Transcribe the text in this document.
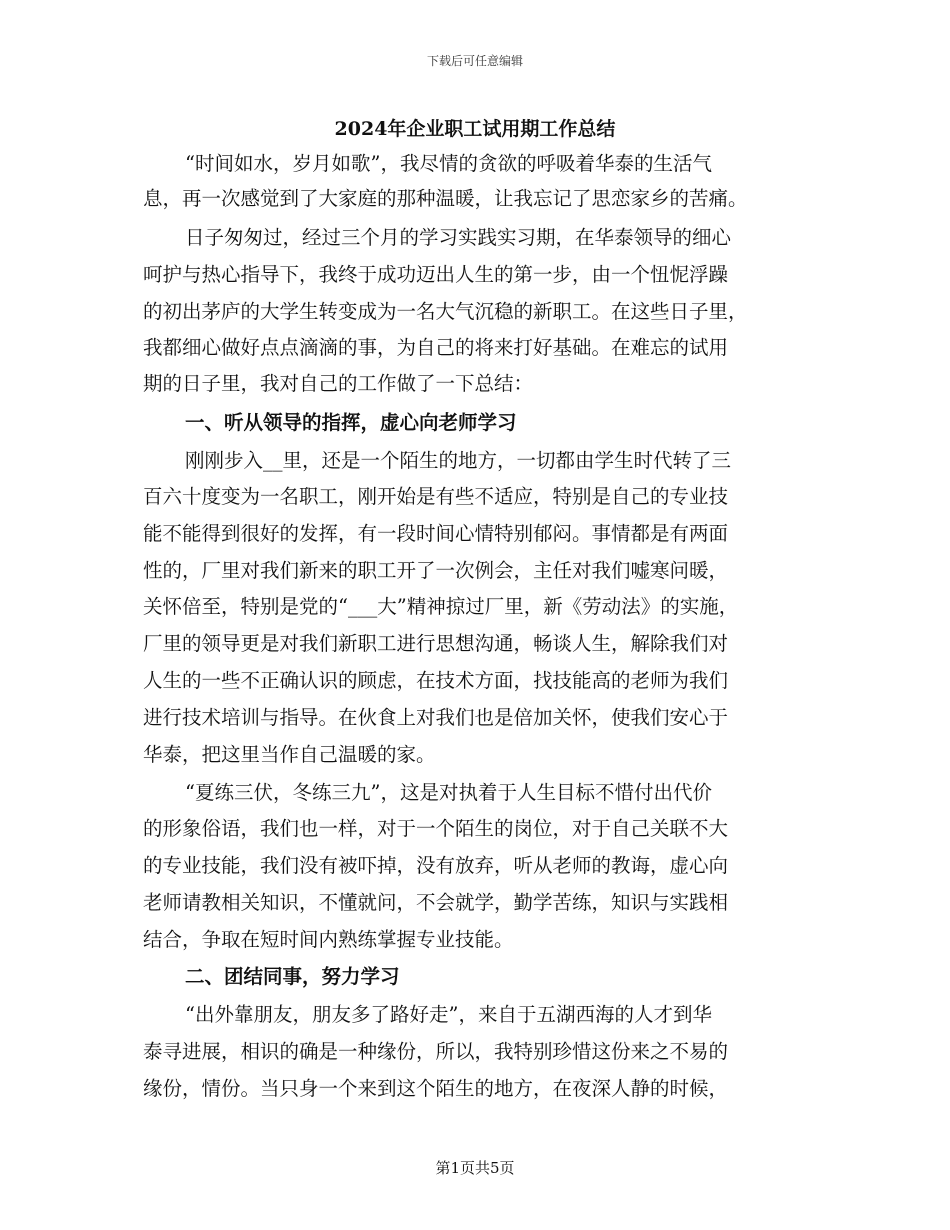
下载后可任意编辑
2024年企业职工试用期工作总结

“时间如水，岁月如歌”，我尽情的贪欲的呼吸着华泰的生活气

息，再一次感觉到了大家庭的那种温暖，让我忘记了思恋家乡的苦痛。

日子匆匆过，经过三个月的学习实践实习期，在华泰领导的细心

呵护与热心指导下，我终于成功迈出人生的第一步，由一个忸怩浮躁

的初出茅庐的大学生转变成为一名大气沉稳的新职工。在这些日子里，

我都细心做好点点滴滴的事，为自己的将来打好基础。在难忘的试用

期的日子里，我对自己的工作做了一下总结：

一、听从领导的指挥，虚心向老师学习

刚刚步入__里，还是一个陌生的地方，一切都由学生时代转了三

百六十度变为一名职工，刚开始是有些不适应，特别是自己的专业技

能不能得到很好的发挥，有一段时间心情特别郁闷。事情都是有两面

性的，厂里对我们新来的职工开了一次例会，主任对我们嘘寒问暖，

关怀倍至，特别是党的“___大”精神掠过厂里，新《劳动法》的实施，

厂里的领导更是对我们新职工进行思想沟通，畅谈人生，解除我们对

人生的一些不正确认识的顾虑，在技术方面，找技能高的老师为我们

进行技术培训与指导。在伙食上对我们也是倍加关怀，使我们安心于

华泰，把这里当作自己温暖的家。

“夏练三伏，冬练三九”，这是对执着于人生目标不惜付出代价

的形象俗语，我们也一样，对于一个陌生的岗位，对于自己关联不大

的专业技能，我们没有被吓掉，没有放弃，听从老师的教诲，虚心向

老师请教相关知识，不懂就问，不会就学，勤学苦练，知识与实践相

结合，争取在短时间内熟练掌握专业技能。

二、团结同事，努力学习

“出外靠朋友，朋友多了路好走”，来自于五湖西海的人才到华

泰寻进展，相识的确是一种缘份，所以，我特别珍惜这份来之不易的

缘份，情份。当只身一个来到这个陌生的地方，在夜深人静的时候，

第1页共5页
